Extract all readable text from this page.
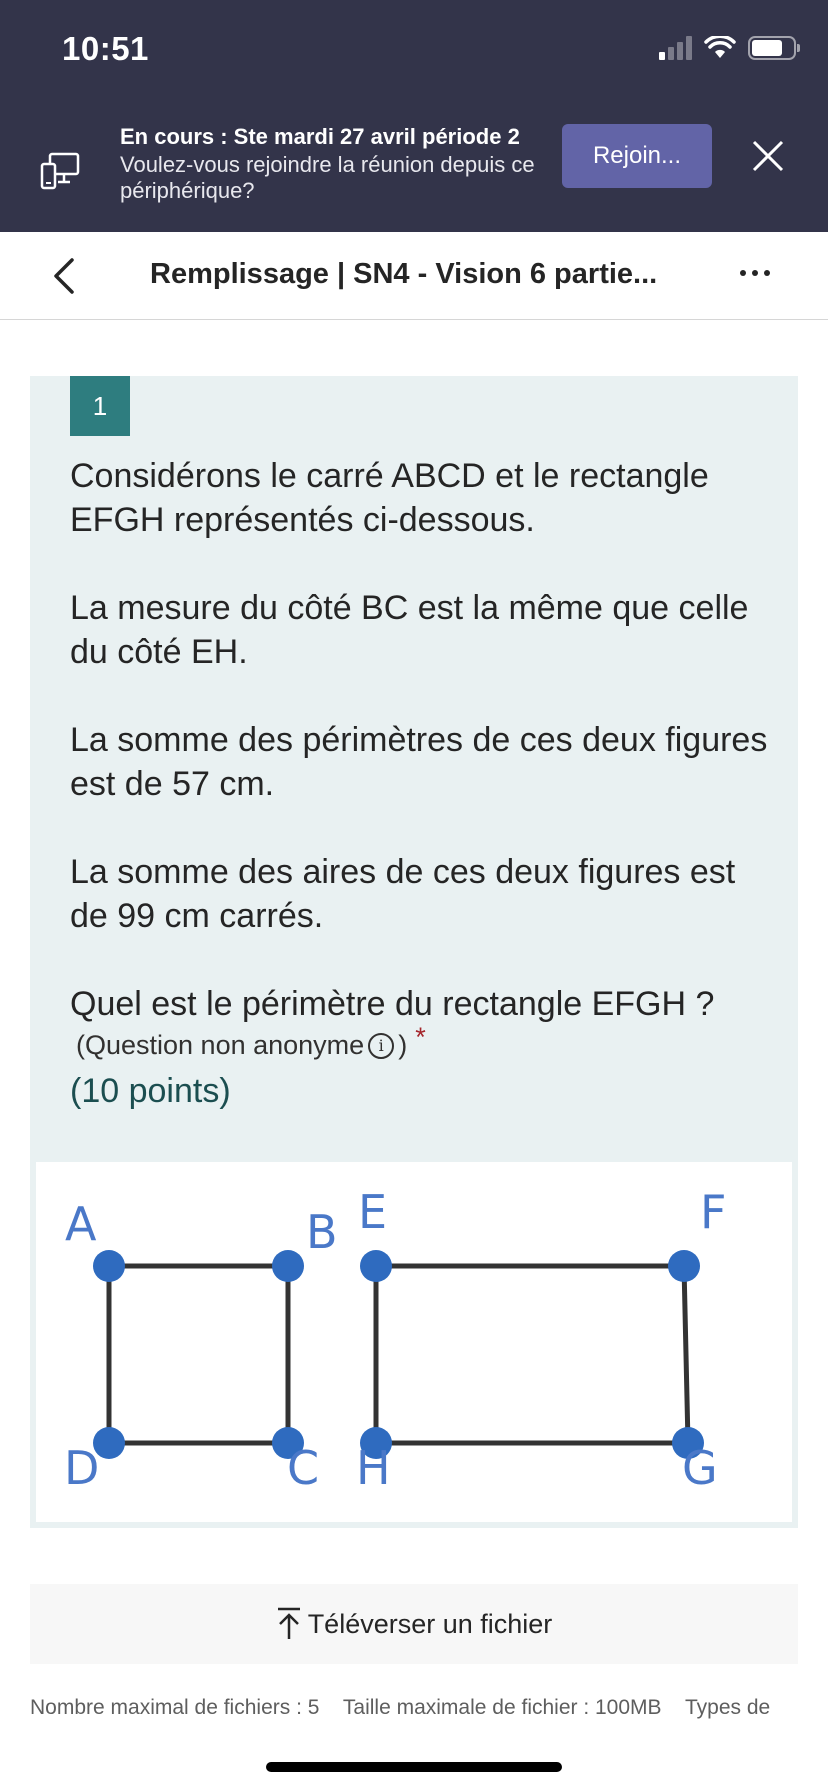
10:51
En cours : Ste mardi 27 avril période 2
Voulez-vous rejoindre la réunion depuis ce périphérique?
Rejoin...
Remplissage | SN4 - Vision 6 partie...
1

Considérons le carré ABCD et le rectangle EFGH représentés ci-dessous.

La mesure du côté BC est la même que celle du côté EH.

La somme des périmètres de ces deux figures est de 57 cm.

La somme des aires de ces deux figures est de 99 cm carrés.

Quel est le périmètre du rectangle EFGH ?

(Question non anonyme i ) *
(10 points)
A	B
C
D
E	F
G
H
Téléverser un fichier
Nombre maximal de fichiers : 5 Taille maximale de fichier : 100MB Types de
